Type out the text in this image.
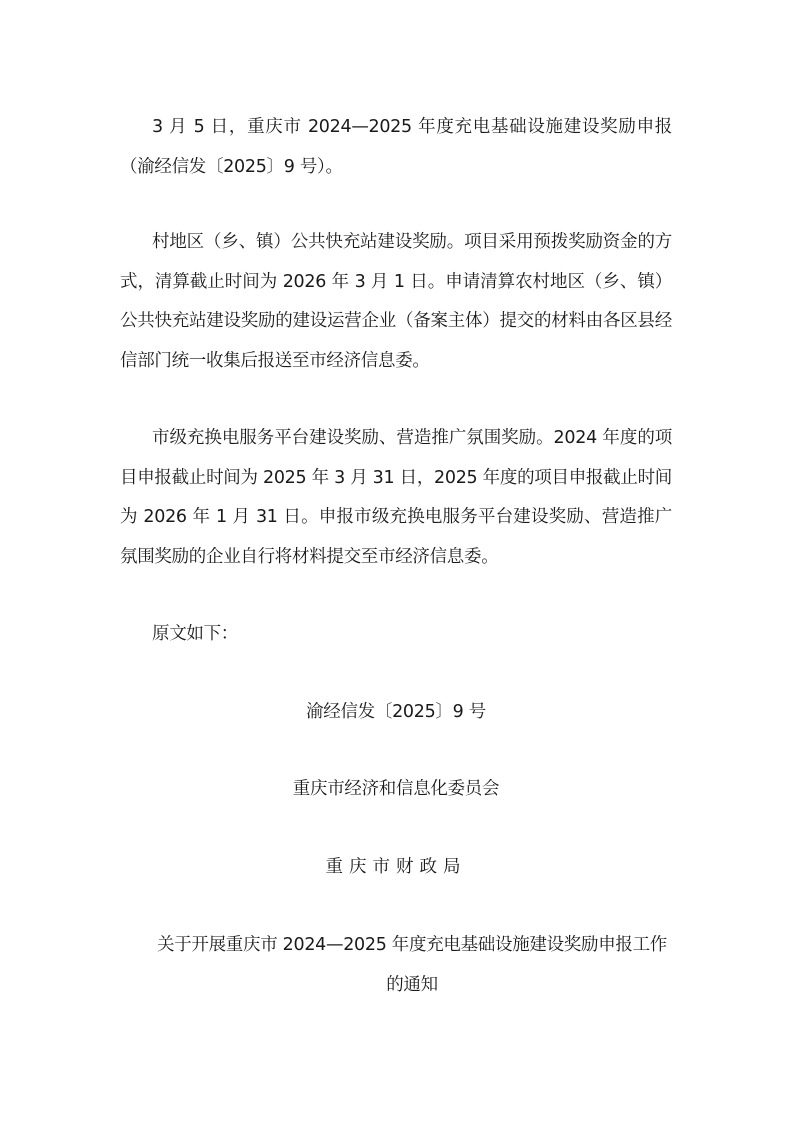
3 月 5 日，重庆市 2024—2025 年度充电基础设施建设奖励申报（渝经信发〔2025〕9 号）。

村地区（乡、镇）公共快充站建设奖励。项目采用预拨奖励资金的方式，清算截止时间为 2026 年 3 月 1 日。申请清算农村地区（乡、镇）公共快充站建设奖励的建设运营企业（备案主体）提交的材料由各区县经信部门统一收集后报送至市经济信息委。

市级充换电服务平台建设奖励、营造推广氛围奖励。2024 年度的项目申报截止时间为 2025 年 3 月 31 日，2025 年度的项目申报截止时间为 2026 年 1 月 31 日。申报市级充换电服务平台建设奖励、营造推广氛围奖励的企业自行将材料提交至市经济信息委。

原文如下：

渝经信发〔2025〕9 号

重庆市经济和信息化委员会

重庆市财政局

关于开展重庆市 2024—2025 年度充电基础设施建设奖励申报工作

的通知
